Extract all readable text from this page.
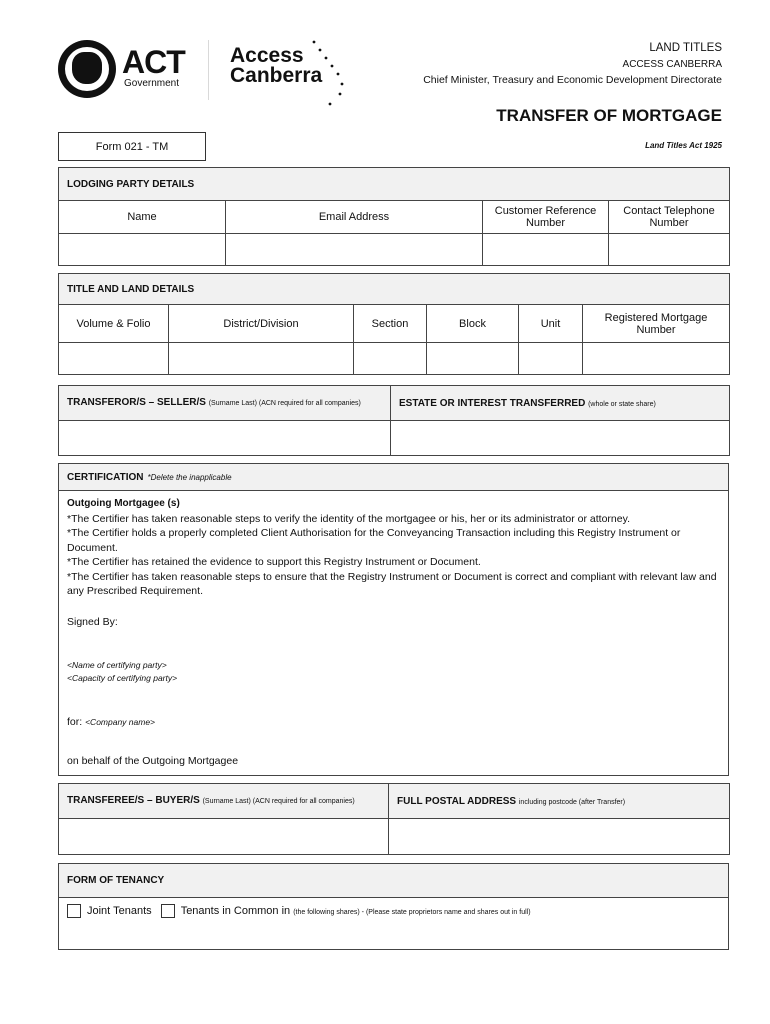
ACT
Government
Access
Canberra
LAND TITLES
ACCESS CANBERRA
Chief Minister, Treasury and Economic Development Directorate
TRANSFER OF MORTGAGE
Land Titles Act 1925
Form 021 - TM
LODGING PARTY DETAILS			
Name	Email Address	Customer Reference Number	Contact Telephone Number

TITLE AND LAND DETAILS					
Volume & Folio	District/Division	Section	Block	Unit	Registered Mortgage Number

TRANSFEROR/S – SELLER/S (Surname Last) (ACN required for all companies)	ESTATE OR INTEREST TRANSFERRED (whole or state share)

CERTIFICATION *Delete the inapplicable
Outgoing Mortgagee (s)
*The Certifier has taken reasonable steps to verify the identity of the mortgagee or his, her or its administrator or attorney.
*The Certifier holds a properly completed Client Authorisation for the Conveyancing Transaction including this Registry Instrument or Document.
*The Certifier has retained the evidence to support this Registry Instrument or Document.
*The Certifier has taken reasonable steps to ensure that the Registry Instrument or Document is correct and compliant with relevant law and any Prescribed Requirement.
Signed By:
<Name of certifying party>
<Capacity of certifying party>
for: <Company name>
on behalf of the Outgoing Mortgagee
TRANSFEREE/S – BUYER/S (Surname Last) (ACN required for all companies)	FULL POSTAL ADDRESS including postcode (after Transfer)

FORM OF TENANCY
Joint Tenants	Tenants in Common in (the following shares) - (Please state proprietors name and shares out in full)
